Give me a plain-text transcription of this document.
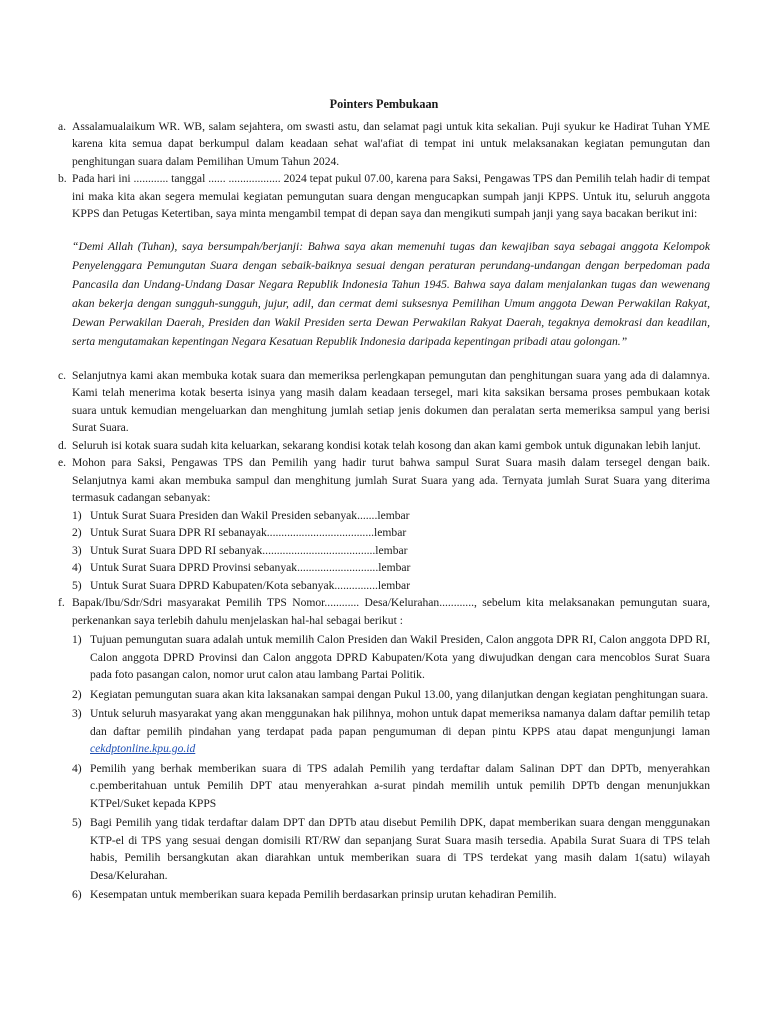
Pointers Pembukaan
a. Assalamualaikum WR. WB, salam sejahtera, om swasti astu, dan selamat pagi untuk kita sekalian. Puji syukur ke Hadirat Tuhan YME karena kita semua dapat berkumpul dalam keadaan sehat wal'afiat di tempat ini untuk melaksanakan kegiatan pemungutan dan penghitungan suara dalam Pemilihan Umum Tahun 2024.
b. Pada hari ini ............ tanggal ...... .................. 2024 tepat pukul 07.00, karena para Saksi, Pengawas TPS dan Pemilih telah hadir di tempat ini maka kita akan segera memulai kegiatan pemungutan suara dengan mengucapkan sumpah janji KPPS. Untuk itu, seluruh anggota KPPS dan Petugas Ketertiban, saya minta mengambil tempat di depan saya dan mengikuti sumpah janji yang saya bacakan berikut ini:
“Demi Allah (Tuhan), saya bersumpah/berjanji: Bahwa saya akan memenuhi tugas dan kewajiban saya sebagai anggota Kelompok Penyelenggara Pemungutan Suara dengan sebaik-baiknya sesuai dengan peraturan perundang-undangan dengan berpedoman pada Pancasila dan Undang-Undang Dasar Negara Republik Indonesia Tahun 1945. Bahwa saya dalam menjalankan tugas dan wewenang akan bekerja dengan sungguh-sungguh, jujur, adil, dan cermat demi suksesnya Pemilihan Umum anggota Dewan Perwakilan Rakyat, Dewan Perwakilan Daerah, Presiden dan Wakil Presiden serta Dewan Perwakilan Rakyat Daerah, tegaknya demokrasi dan keadilan, serta mengutamakan kepentingan Negara Kesatuan Republik Indonesia daripada kepentingan pribadi atau golongan.”
c. Selanjutnya kami akan membuka kotak suara dan memeriksa perlengkapan pemungutan dan penghitungan suara yang ada di dalamnya. Kami telah menerima kotak beserta isinya yang masih dalam keadaan tersegel, mari kita saksikan bersama proses pembukaan kotak suara untuk kemudian mengeluarkan dan menghitung jumlah setiap jenis dokumen dan peralatan serta memeriksa sampul yang berisi Surat Suara.
d. Seluruh isi kotak suara sudah kita keluarkan, sekarang kondisi kotak telah kosong dan akan kami gembok untuk digunakan lebih lanjut.
e. Mohon para Saksi, Pengawas TPS dan Pemilih yang hadir turut bahwa sampul Surat Suara masih dalam tersegel dengan baik. Selanjutnya kami akan membuka sampul dan menghitung jumlah Surat Suara yang ada. Ternyata jumlah Surat Suara yang diterima termasuk cadangan sebanyak:
1) Untuk Surat Suara Presiden dan Wakil Presiden sebanyak.......lembar
2) Untuk Surat Suara DPR RI sebanayak.....................................lembar
3) Untuk Surat Suara DPD RI sebanyak.......................................lembar
4) Untuk Surat Suara DPRD Provinsi sebanyak............................lembar
5) Untuk Surat Suara DPRD Kabupaten/Kota sebanyak...............lembar
f. Bapak/Ibu/Sdr/Sdri masyarakat Pemilih TPS Nomor............ Desa/Kelurahan............, sebelum kita melaksanakan pemungutan suara, perkenankan saya terlebih dahulu menjelaskan hal-hal sebagai berikut :
1) Tujuan pemungutan suara adalah untuk memilih Calon Presiden dan Wakil Presiden, Calon anggota DPR RI, Calon anggota DPD RI, Calon anggota DPRD Provinsi dan Calon anggota DPRD Kabupaten/Kota yang diwujudkan dengan cara mencoblos Surat Suara pada foto pasangan calon, nomor urut calon atau lambang Partai Politik.
2) Kegiatan pemungutan suara akan kita laksanakan sampai dengan Pukul 13.00, yang dilanjutkan dengan kegiatan penghitungan suara.
3) Untuk seluruh masyarakat yang akan menggunakan hak pilihnya, mohon untuk dapat memeriksa namanya dalam daftar pemilih tetap dan daftar pemilih pindahan yang terdapat pada papan pengumuman di depan pintu KPPS atau dapat mengunjungi laman cekdptonline.kpu.go.id
4) Pemilih yang berhak memberikan suara di TPS adalah Pemilih yang terdaftar dalam Salinan DPT dan DPTb, menyerahkan c.pemberitahuan untuk Pemilih DPT atau menyerahkan a-surat pindah memilih untuk pemilih DPTb dengan menunjukkan KTPel/Suket kepada KPPS
5) Bagi Pemilih yang tidak terdaftar dalam DPT dan DPTb atau disebut Pemilih DPK, dapat memberikan suara dengan menggunakan KTP-el di TPS yang sesuai dengan domisili RT/RW dan sepanjang Surat Suara masih tersedia. Apabila Surat Suara di TPS telah habis, Pemilih bersangkutan akan diarahkan untuk memberikan suara di TPS terdekat yang masih dalam 1(satu) wilayah Desa/Kelurahan.
6) Kesempatan untuk memberikan suara kepada Pemilih berdasarkan prinsip urutan kehadiran Pemilih.
